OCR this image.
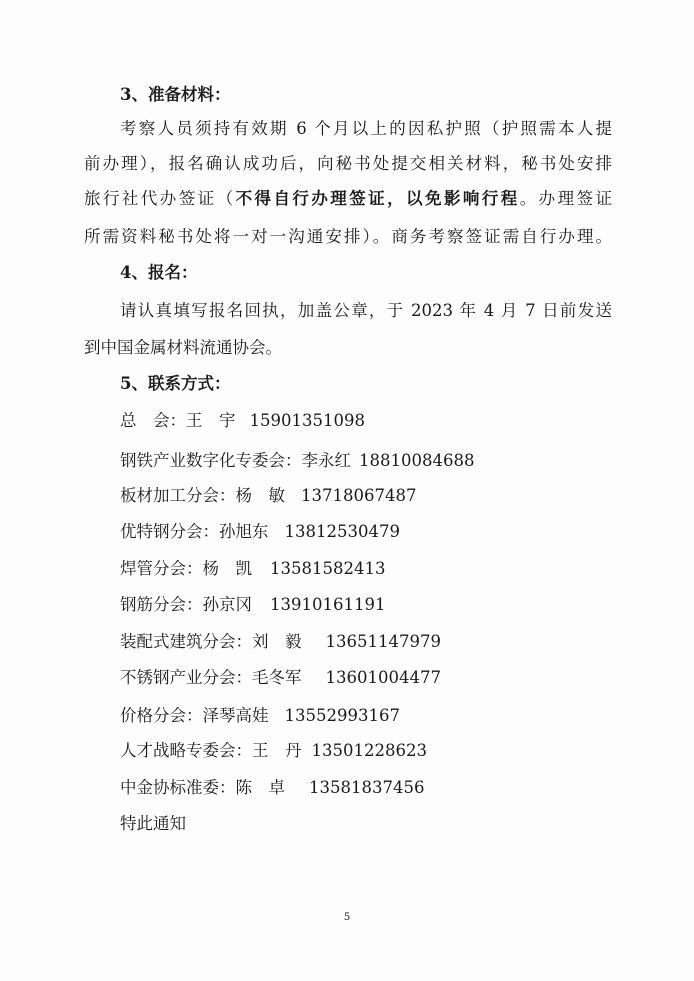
3、准备材料：
考察人员须持有效期 6 个月以上的因私护照（护照需本人提
前办理），报名确认成功后，向秘书处提交相关材料，秘书处安排
旅行社代办签证（不得自行办理签证，以免影响行程。办理签证
所需资料秘书处将一对一沟通安排）。商务考察签证需自行办理。
4、报名：
请认真填写报名回执，加盖公章，于 2023 年 4 月 7 日前发送
到中国金属材料流通协会。
5、联系方式：
总　会：王　宇 15901351098
钢铁产业数字化专委会：李永红 18810084688
板材加工分会：杨　敏 13718067487
优特钢分会：孙旭东 13812530479
焊管分会：杨　凯 13581582413
钢筋分会：孙京冈 13910161191
装配式建筑分会：刘　毅 13651147979
不锈钢产业分会：毛冬军 13601004477
价格分会：泽琴高娃 13552993167
人才战略专委会：王　丹 13501228623
中金协标准委：陈　卓 13581837456
特此通知
5
